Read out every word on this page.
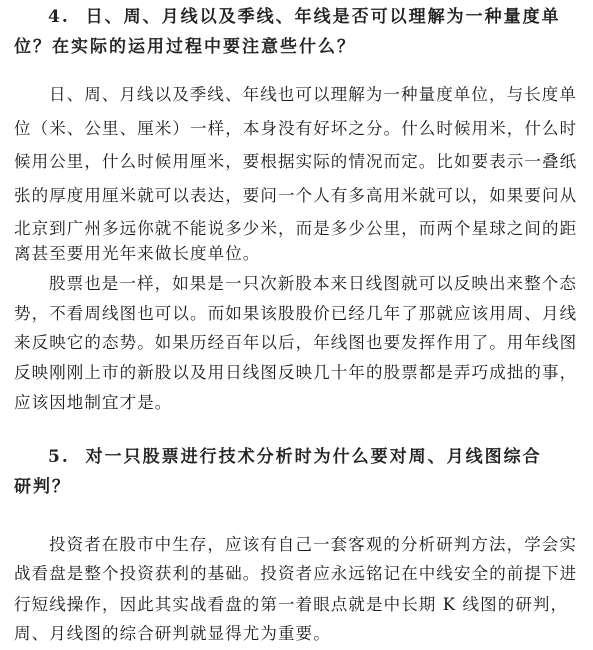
4. 日、周、月线以及季线、年线是否可以理解为一种量度单
位？在实际的运用过程中要注意些什么？
日、周、月线以及季线、年线也可以理解为一种量度单位，与长度单
位（米、公里、厘米）一样，本身没有好坏之分。什么时候用米，什么时
候用公里，什么时候用厘米，要根据实际的情况而定。比如要表示一叠纸
张的厚度用厘米就可以表达，要问一个人有多高用米就可以，如果要问从
北京到广州多远你就不能说多少米，而是多少公里，而两个星球之间的距
离甚至要用光年来做长度单位。
股票也是一样，如果是一只次新股本来日线图就可以反映出来整个态
势，不看周线图也可以。而如果该股股价已经几年了那就应该用周、月线
来反映它的态势。如果历经百年以后，年线图也要发挥作用了。用年线图
反映刚刚上市的新股以及用日线图反映几十年的股票都是弄巧成拙的事，
应该因地制宜才是。
5. 对一只股票进行技术分析时为什么要对周、月线图综合
研判？
投资者在股市中生存，应该有自己一套客观的分析研判方法，学会实
战看盘是整个投资获利的基础。投资者应永远铭记在中线安全的前提下进
行短线操作，因此其实战看盘的第一着眼点就是中长期 K 线图的研判，
周、月线图的综合研判就显得尤为重要。
